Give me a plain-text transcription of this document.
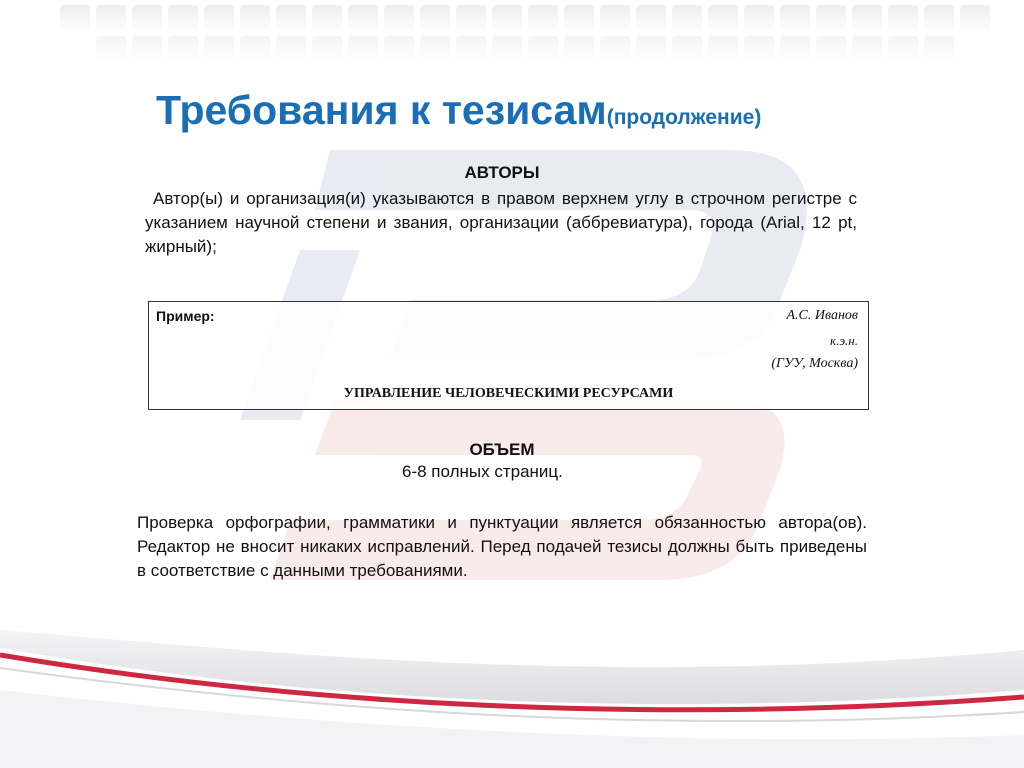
Требования к тезисам(продолжение)
АВТОРЫ

Автор(ы) и организация(и) указываются в правом верхнем углу в строчном регистре с указанием научной степени и звания, организации (аббревиатура), города (Arial, 12 pt, жирный);

Пример:	А.С. Иванов
к.э.н.
(ГУУ, Москва)
УПРАВЛЕНИЕ ЧЕЛОВЕЧЕСКИМИ РЕСУРСАМИ
ОБЪЕМ
6-8 полных страниц.

Проверка орфографии, грамматики и пунктуации является обязанностью автора(ов). Редактор не вносит никаких исправлений. Перед подачей тезисы должны быть приведены в соответствие с данными требованиями.
